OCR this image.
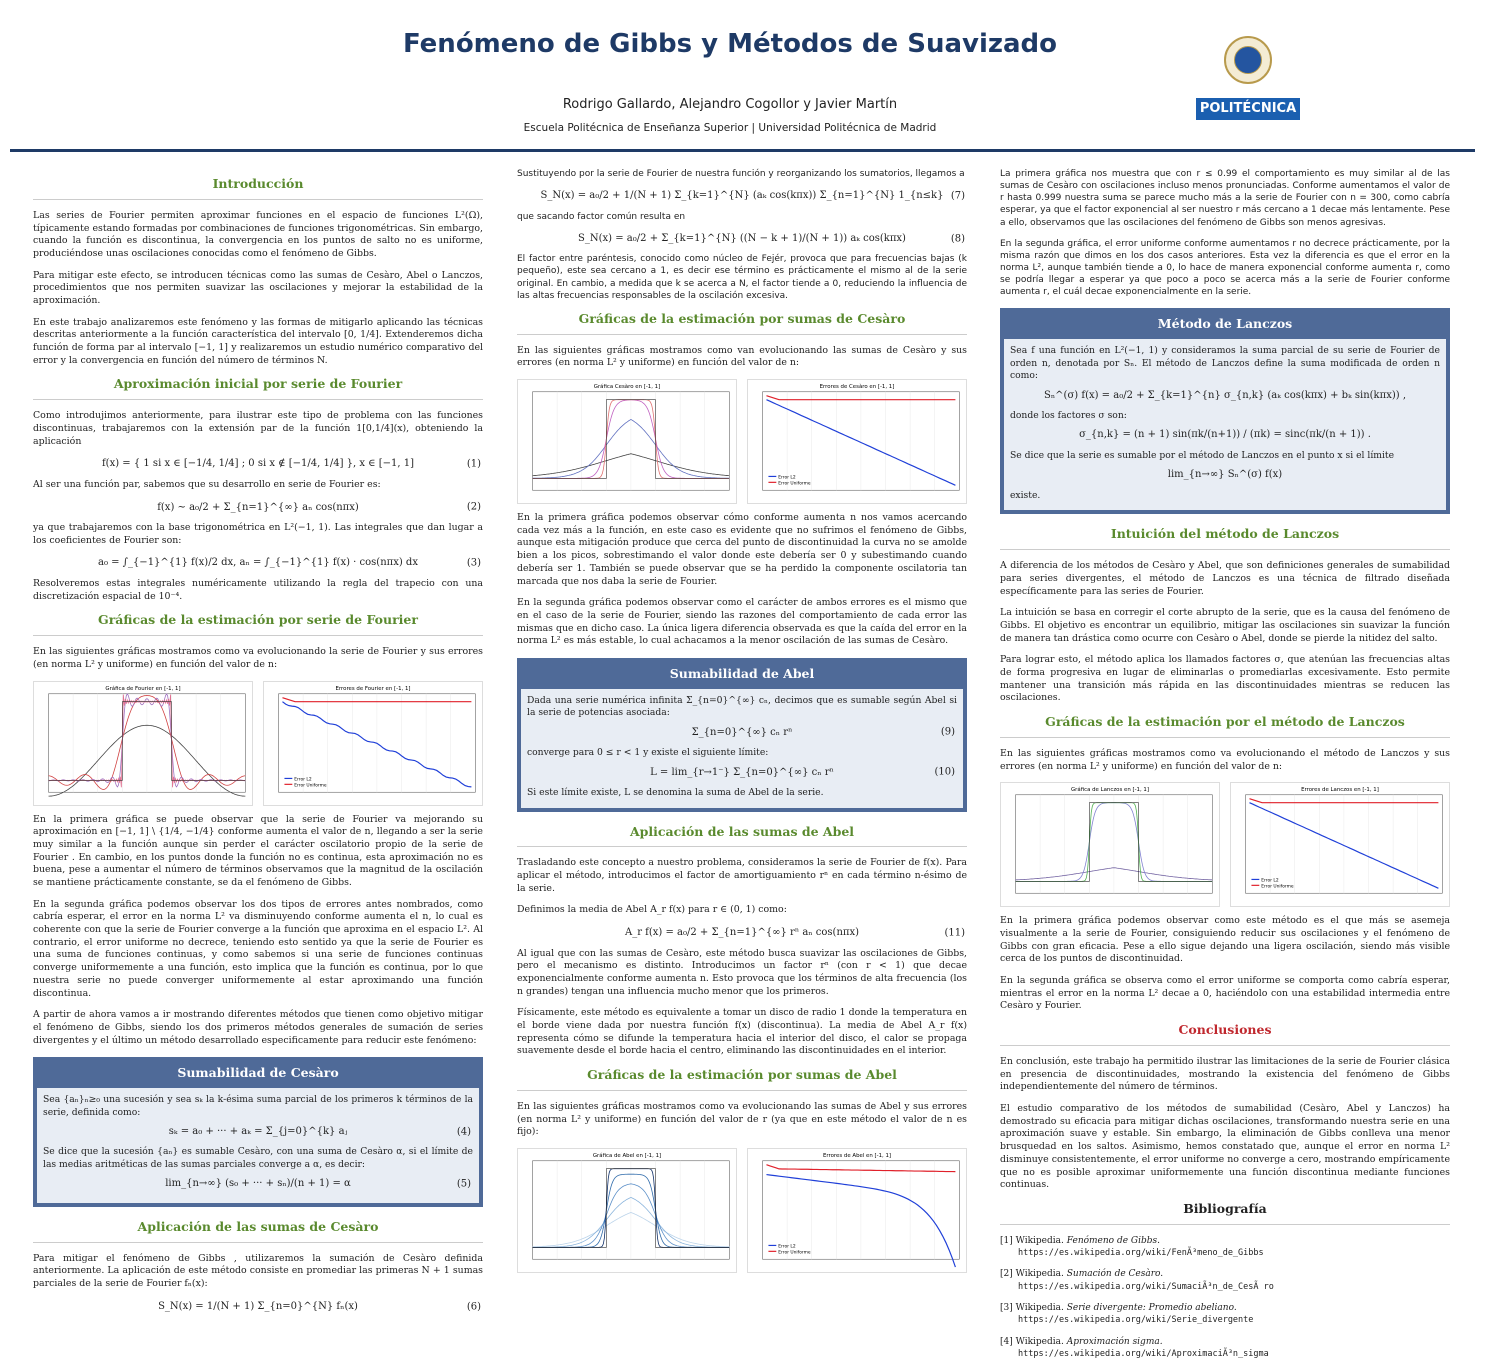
Fenómeno de Gibbs y Métodos de Suavizado
Rodrigo Gallardo, Alejandro Cogollor y Javier Martín
Escuela Politécnica de Enseñanza Superior | Universidad Politécnica de Madrid
POLITÉCNICA
Introducción

Las series de Fourier permiten aproximar funciones en el espacio de funciones L²(Ω), típicamente estando formadas por combinaciones de funciones trigonométricas. Sin embargo, cuando la función es discontinua, la convergencia en los puntos de salto no es uniforme, produciéndose unas oscilaciones conocidas como el fenómeno de Gibbs.

Para mitigar este efecto, se introducen técnicas como las sumas de Cesàro, Abel o Lanczos, procedimientos que nos permiten suavizar las oscilaciones y mejorar la estabilidad de la aproximación.

En este trabajo analizaremos este fenómeno y las formas de mitigarlo aplicando las técnicas descritas anteriormente a la función característica del intervalo [0, 1/4]. Extenderemos dicha función de forma par al intervalo [−1, 1] y realizaremos un estudio numérico comparativo del error y la convergencia en función del número de términos N.

Aproximación inicial por serie de Fourier

Como introdujimos anteriormente, para ilustrar este tipo de problema con las funciones discontinuas, trabajaremos con la extensión par de la función 1[0,1/4](x), obteniendo la aplicación

f(x) = { 1 si x ∈ [−1/4, 1/4] ; 0 si x ∉ [−1/4, 1/4] }, x ∈ [−1, 1]	(1)

Al ser una función par, sabemos que su desarrollo en serie de Fourier es:

f(x) ∼ a₀/2 + Σ_{n=1}^{∞} aₙ cos(nπx)	(2)

ya que trabajaremos con la base trigonométrica en L²(−1, 1). Las integrales que dan lugar a los coeficientes de Fourier son:

a₀ = ∫_{−1}^{1} f(x)/2 dx, aₙ = ∫_{−1}^{1} f(x) · cos(nπx) dx	(3)

Resolveremos estas integrales numéricamente utilizando la regla del trapecio con una discretización espacial de 10⁻⁴.

Gráficas de la estimación por serie de Fourier

En las siguientes gráficas mostramos como va evolucionando la serie de Fourier y sus errores (en norma L² y uniforme) en función del valor de n:

Gráfica de Fourier en [-1, 1]	Errores de Fourier en [-1, 1]
Error L2
Error Uniforme

En la primera gráfica se puede observar que la serie de Fourier va mejorando su aproximación en [−1, 1] \ {1/4, −1/4} conforme aumenta el valor de n, llegando a ser la serie muy similar a la función aunque sin perder el carácter oscilatorio propio de la serie de Fourier . En cambio, en los puntos donde la función no es continua, esta aproximación no es buena, pese a aumentar el número de términos observamos que la magnitud de la oscilación se mantiene prácticamente constante, se da el fenómeno de Gibbs.

En la segunda gráfica podemos observar los dos tipos de errores antes nombrados, como cabría esperar, el error en la norma L² va disminuyendo conforme aumenta el n, lo cual es coherente con que la serie de Fourier converge a la función que aproxima en el espacio L². Al contrario, el error uniforme no decrece, teniendo esto sentido ya que la serie de Fourier es una suma de funciones continuas, y como sabemos si una serie de funciones continuas converge uniformemente a una función, esto implica que la función es continua, por lo que nuestra serie no puede converger uniformemente al estar aproximando una función discontinua.

A partir de ahora vamos a ir mostrando diferentes métodos que tienen como objetivo mitigar el fenómeno de Gibbs, siendo los dos primeros métodos generales de sumación de series divergentes y el último un método desarrollado especificamente para reducir este fenómeno:

Sumabilidad de Cesàro

Sea {aₙ}ₙ≥₀ una sucesión y sea sₖ la k-ésima suma parcial de los primeros k términos de la serie, definida como:

sₖ = a₀ + ··· + aₖ = Σ_{j=0}^{k} aⱼ	(4)

Se dice que la sucesión {aₙ} es sumable Cesàro, con una suma de Cesàro α, si el límite de las medias aritméticas de las sumas parciales converge a α, es decir:

lim_{n→∞} (s₀ + ··· + sₙ)/(n + 1) = α	(5)
Aplicación de las sumas de Cesàro

Para mitigar el fenómeno de Gibbs , utilizaremos la sumación de Cesàro definida anteriormente. La aplicación de este método consiste en promediar las primeras N + 1 sumas parciales de la serie de Fourier fₙ(x):

S_N(x) = 1/(N + 1) Σ_{n=0}^{N} fₙ(x)	(6)

Sustituyendo por la serie de Fourier de nuestra función y reorganizando los sumatorios, llegamos a

S_N(x) = a₀/2 + 1/(N + 1) Σ_{k=1}^{N} (aₖ cos(kπx)) Σ_{n=1}^{N} 1_{n≤k} (7)

que sacando factor común resulta en

S_N(x) = a₀/2 + Σ_{k=1}^{N} ((N − k + 1)/(N + 1)) aₖ cos(kπx)	(8)

El factor entre paréntesis, conocido como núcleo de Fejér, provoca que para frecuencias bajas (k pequeño), este sea cercano a 1, es decir ese término es prácticamente el mismo al de la serie original. En cambio, a medida que k se acerca a N, el factor tiende a 0, reduciendo la influencia de las altas frecuencias responsables de la oscilación excesiva.

Gráficas de la estimación por sumas de Cesàro

En las siguientes gráficas mostramos como van evolucionando las sumas de Cesàro y sus errores (en norma L² y uniforme) en función del valor de n:

Gráfica Cesàro en [-1, 1]	Errores de Cesàro en [-1, 1]
Error L2
Error Uniforme

En la primera gráfica podemos observar cómo conforme aumenta n nos vamos acercando cada vez más a la función, en este caso es evidente que no sufrimos el fenómeno de Gibbs, aunque esta mitigación produce que cerca del punto de discontinuidad la curva no se amolde bien a los picos, sobrestimando el valor donde este debería ser 0 y subestimando cuando debería ser 1. También se puede observar que se ha perdido la componente oscilatoria tan marcada que nos daba la serie de Fourier.

En la segunda gráfica podemos observar como el carácter de ambos errores es el mismo que en el caso de la serie de Fourier, siendo las razones del comportamiento de cada error las mismas que en dicho caso. La única ligera diferencia observada es que la caída del error en la norma L² es más estable, lo cual achacamos a la menor oscilación de las sumas de Cesàro.

Sumabilidad de Abel

Dada una serie numérica infinita Σ_{n=0}^{∞} cₙ, decimos que es sumable según Abel si la serie de potencias asociada:

Σ_{n=0}^{∞} cₙ rⁿ	(9)

converge para 0 ≤ r < 1 y existe el siguiente límite:

L = lim_{r→1⁻} Σ_{n=0}^{∞} cₙ rⁿ	(10)

Si este límite existe, L se denomina la suma de Abel de la serie.

Aplicación de las sumas de Abel

Trasladando este concepto a nuestro problema, consideramos la serie de Fourier de f(x). Para aplicar el método, introducimos el factor de amortiguamiento rⁿ en cada término n-ésimo de la serie.

Definimos la media de Abel A_r f(x) para r ∈ (0, 1) como:

A_r f(x) = a₀/2 + Σ_{n=1}^{∞} rⁿ aₙ cos(nπx)	(11)

Al igual que con las sumas de Cesàro, este método busca suavizar las oscilaciones de Gibbs, pero el mecanismo es distinto. Introducimos un factor rⁿ (con r < 1) que decae exponencialmente conforme aumenta n. Esto provoca que los términos de alta frecuencia (los n grandes) tengan una influencia mucho menor que los primeros.

Físicamente, este método es equivalente a tomar un disco de radio 1 donde la temperatura en el borde viene dada por nuestra función f(x) (discontinua). La media de Abel A_r f(x) representa cómo se difunde la temperatura hacia el interior del disco, el calor se propaga suavemente desde el borde hacia el centro, eliminando las discontinuidades en el interior.

Gráficas de la estimación por sumas de Abel

En las siguientes gráficas mostramos como va evolucionando las sumas de Abel y sus errores (en norma L² y uniforme) en función del valor de r (ya que en este método el valor de n es fijo):

Gráfica de Abel en [-1, 1]	Errores de Abel en [-1, 1]
Error L2
Error Uniforme

La primera gráfica nos muestra que con r ≤ 0.99 el comportamiento es muy similar al de las sumas de Cesàro con oscilaciones incluso menos pronunciadas. Conforme aumentamos el valor de r hasta 0.999 nuestra suma se parece mucho más a la serie de Fourier con n = 300, como cabría esperar, ya que el factor exponencial al ser nuestro r más cercano a 1 decae más lentamente. Pese a ello, observamos que las oscilaciones del fenómeno de Gibbs son menos agresivas.

En la segunda gráfica, el error uniforme conforme aumentamos r no decrece prácticamente, por la misma razón que dimos en los dos casos anteriores. Esta vez la diferencia es que el error en la norma L², aunque también tiende a 0, lo hace de manera exponencial conforme aumenta r, como se podría llegar a esperar ya que poco a poco se acerca más a la serie de Fourier conforme aumenta r, el cuál decae exponencialmente en la serie.

Método de Lanczos

Sea f una función en L²(−1, 1) y consideramos la suma parcial de su serie de Fourier de orden n, denotada por Sₙ. El método de Lanczos define la suma modificada de orden n como:

Sₙ^(σ) f(x) = a₀/2 + Σ_{k=1}^{n} σ_{n,k} (aₖ cos(kπx) + bₖ sin(kπx)) ,

donde los factores σ son:

σ_{n,k} = (n + 1) sin(πk/(n+1)) / (πk) = sinc(πk/(n + 1)) .

Se dice que la serie es sumable por el método de Lanczos en el punto x si el límite

lim_{n→∞} Sₙ^(σ) f(x)

existe.

Intuición del método de Lanczos

A diferencia de los métodos de Cesàro y Abel, que son definiciones generales de sumabilidad para series divergentes, el método de Lanczos es una técnica de filtrado diseñada específicamente para las series de Fourier.

La intuición se basa en corregir el corte abrupto de la serie, que es la causa del fenómeno de Gibbs. El objetivo es encontrar un equilibrio, mitigar las oscilaciones sin suavizar la función de manera tan drástica como ocurre con Cesàro o Abel, donde se pierde la nitidez del salto.

Para lograr esto, el método aplica los llamados factores σ, que atenúan las frecuencias altas de forma progresiva en lugar de eliminarlas o promediarlas excesivamente. Esto permite mantener una transición más rápida en las discontinuidades mientras se reducen las oscilaciones.

Gráficas de la estimación por el método de Lanczos

En las siguientes gráficas mostramos como va evolucionando el método de Lanczos y sus errores (en norma L² y uniforme) en función del valor de n:

Gráfica de Lanczos en [-1, 1]	Errores de Lanczos en [-1, 1]
Error L2
Error Uniforme

En la primera gráfica podemos observar como este método es el que más se asemeja visualmente a la serie de Fourier, consiguiendo reducir sus oscilaciones y el fenómeno de Gibbs con gran eficacia. Pese a ello sigue dejando una ligera oscilación, siendo más visible cerca de los puntos de discontinuidad.

En la segunda gráfica se observa como el error uniforme se comporta como cabría esperar, mientras el error en la norma L² decae a 0, haciéndolo con una estabilidad intermedia entre Cesàro y Fourier.

Conclusiones

En conclusión, este trabajo ha permitido ilustrar las limitaciones de la serie de Fourier clásica en presencia de discontinuidades, mostrando la existencia del fenómeno de Gibbs independientemente del número de términos.

El estudio comparativo de los métodos de sumabilidad (Cesàro, Abel y Lanczos) ha demostrado su eficacia para mitigar dichas oscilaciones, transformando nuestra serie en una aproximación suave y estable. Sin embargo, la eliminación de Gibbs conlleva una menor brusquedad en los saltos. Asimismo, hemos constatado que, aunque el error en norma L² disminuye consistentemente, el error uniforme no converge a cero, mostrando empíricamente que no es posible aproximar uniformemente una función discontinua mediante funciones continuas.

Bibliografía
[1] Wikipedia. Fenómeno de Gibbs.
https://es.wikipedia.org/wiki/FenÃ³meno_de_Gibbs
[2] Wikipedia. Sumación de Cesàro.
https://es.wikipedia.org/wiki/SumaciÃ³n_de_CesÃ ro
[3] Wikipedia. Serie divergente: Promedio abeliano.
https://es.wikipedia.org/wiki/Serie_divergente
[4] Wikipedia. Aproximación sigma.
https://es.wikipedia.org/wiki/AproximaciÃ³n_sigma
